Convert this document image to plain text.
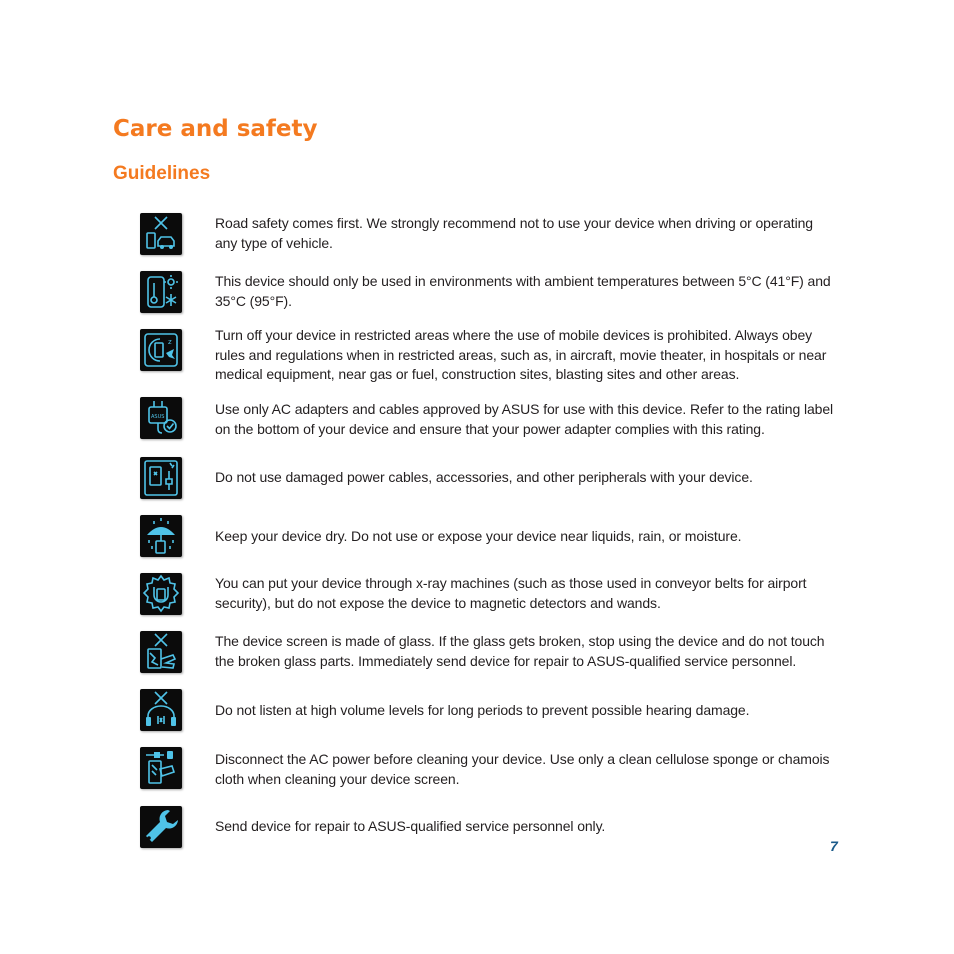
Care and safety
Guidelines
Road safety comes first. We strongly recommend not to use your device when driving or operating any type of vehicle.
This device should only be used in environments with ambient temperatures between 5°C (41°F) and 35°C (95°F).
z	Turn off your device in restricted areas where the use of mobile devices is prohibited. Always obey rules and regulations when in restricted areas, such as, in aircraft, movie theater, in hospitals or near medical equipment, near gas or fuel, construction sites, blasting sites and other areas.
ASUS	Use only AC adapters and cables approved by ASUS for use with this device. Refer to the rating label on the bottom of your device and ensure that your power adapter complies with this rating.
Do not use damaged power cables, accessories, and other peripherals with your device.
Keep your device dry. Do not use or expose your device near liquids, rain, or moisture.
You can put your device through x-ray machines (such as those used in conveyor belts for airport security), but do not expose the device to magnetic detectors and wands.
The device screen is made of glass. If the glass gets broken, stop using the device and do not touch the broken glass parts. Immediately send device for repair to ASUS-qualified service personnel.
Do not listen at high volume levels for long periods to prevent possible hearing damage.
Disconnect the AC power before cleaning your device. Use only a clean cellulose sponge or chamois cloth when cleaning your device screen.
Send device for repair to ASUS-qualified service personnel only.
7
